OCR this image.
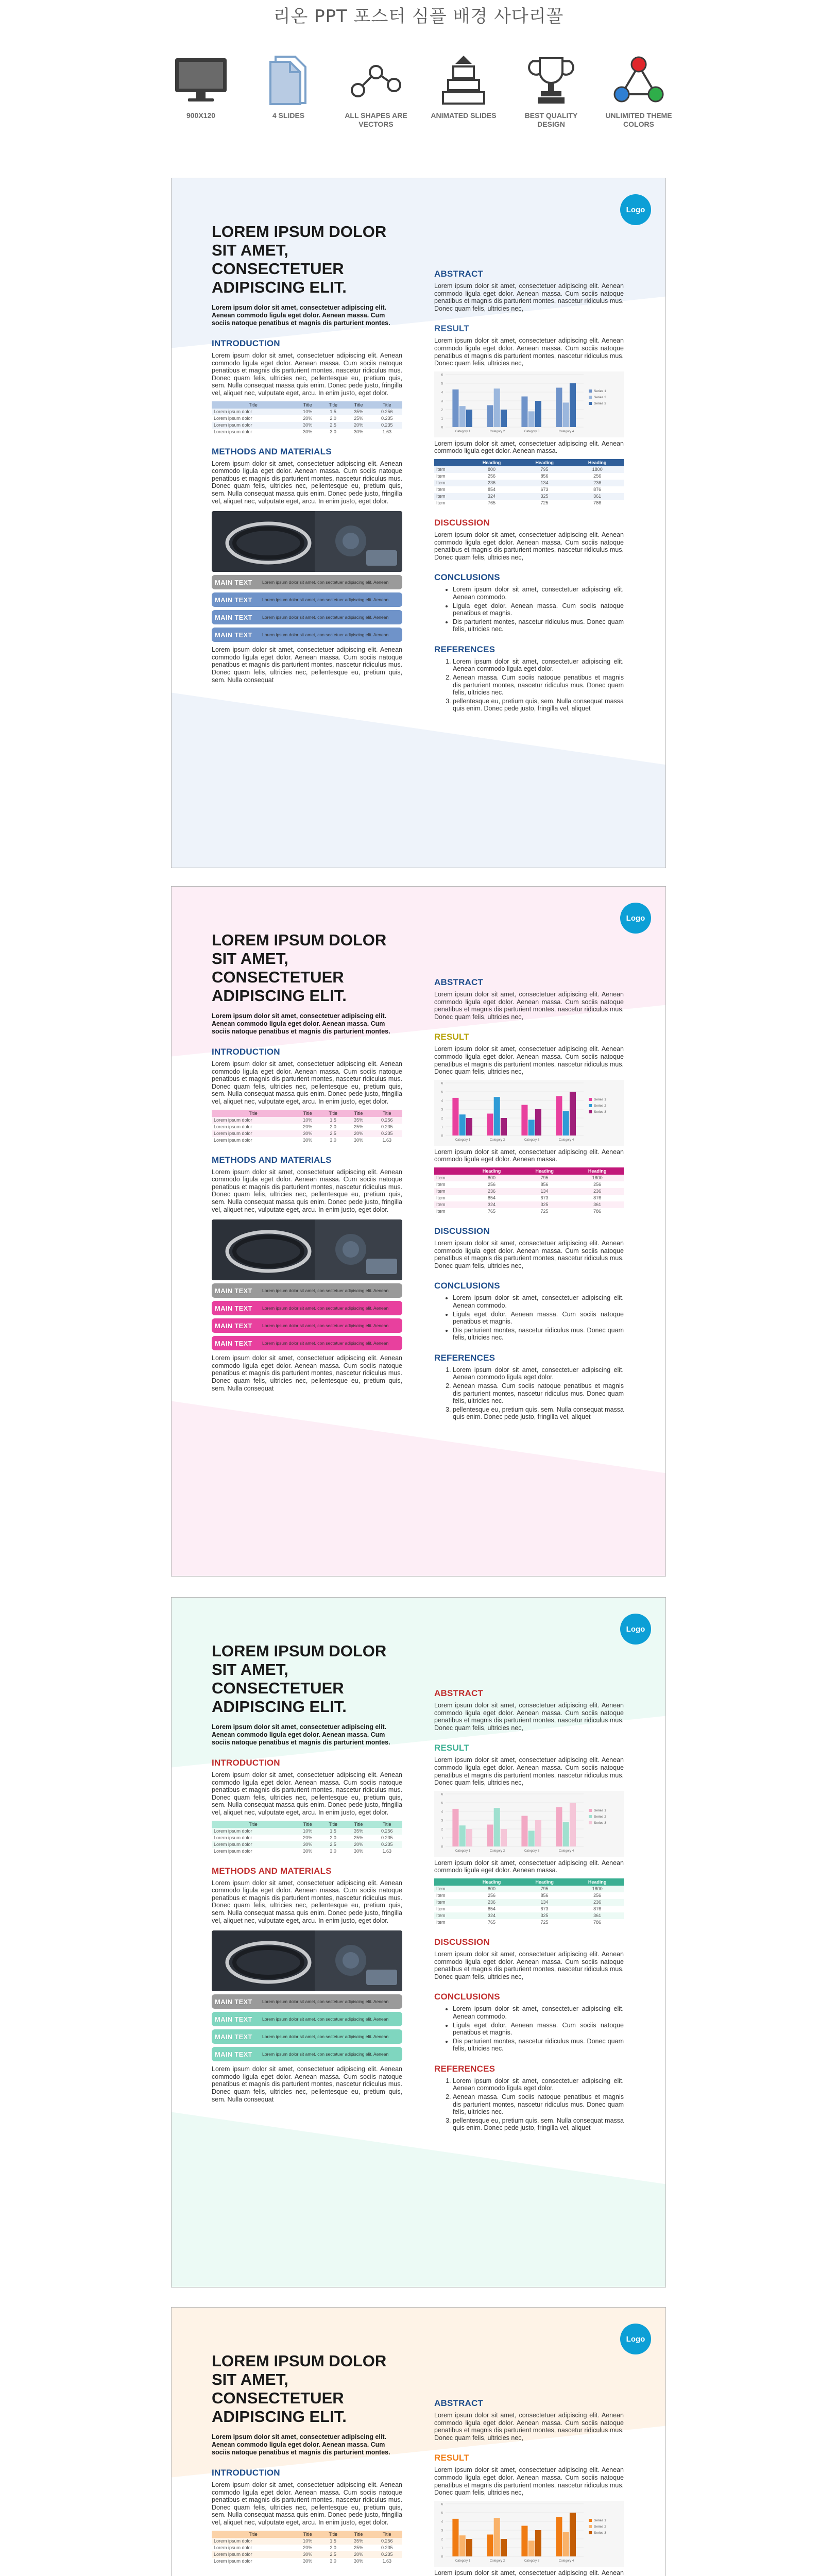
리온 PPT 포스터 심플 배경 사다리꼴
900X120	4 SLIDES	ALL SHAPES ARE VECTORS
ANIMATED SLIDES	BEST QUALITY DESIGN
UNLIMITED THEME COLORS
Logo
LOREM IPSUM DOLOR SIT AMET, CONSECTETUER ADIPISCING ELIT.
Lorem ipsum dolor sit amet, consectetuer adipiscing elit. Aenean commodo ligula eget dolor. Aenean massa. Cum sociis natoque penatibus et magnis dis parturient montes.
INTRODUCTION
Lorem ipsum dolor sit amet, consectetuer adipiscing elit. Aenean commodo ligula eget dolor. Aenean massa. Cum sociis natoque penatibus et magnis dis parturient montes, nascetur ridiculus mus. Donec quam felis, ultricies nec, pellentesque eu, pretium quis, sem. Nulla consequat massa quis enim. Donec pede justo, fringilla vel, aliquet nec, vulputate eget, arcu. In enim justo, eget dolor.
Title	Title	Title	Title	Title
Lorem ipsum dolor	10%	1.5	35%	0.256
Lorem ipsum dolor	20%	2.0	25%	0.235
Lorem ipsum dolor	30%	2.5	20%	0.235
Lorem ipsum dolor	30%	3.0	30%	1.63
METHODS AND MATERIALS
Lorem ipsum dolor sit amet, consectetuer adipiscing elit. Aenean commodo ligula eget dolor. Aenean massa. Cum sociis natoque penatibus et magnis dis parturient montes, nascetur ridiculus mus. Donec quam felis, ultricies nec, pellentesque eu, pretium quis, sem. Nulla consequat massa quis enim. Donec pede justo, fringilla vel, aliquet nec, vulputate eget, arcu. In enim justo, eget dolor.
MAIN TEXT	Lorem ipsum dolor sit amet, con sectetuer adipiscing elit. Aenean
MAIN TEXT	Lorem ipsum dolor sit amet, con sectetuer adipiscing elit. Aenean
MAIN TEXT	Lorem ipsum dolor sit amet, con sectetuer adipiscing elit. Aenean
MAIN TEXT	Lorem ipsum dolor sit amet, con sectetuer adipiscing elit. Aenean
Lorem ipsum dolor sit amet, consectetuer adipiscing elit. Aenean commodo ligula eget dolor. Aenean massa. Cum sociis natoque penatibus et magnis dis parturient montes, nascetur ridiculus mus. Donec quam felis, ultricies nec, pellentesque eu, pretium quis, sem. Nulla consequat
ABSTRACT
Lorem ipsum dolor sit amet, consectetuer adipiscing elit. Aenean commodo ligula eget dolor. Aenean massa. Cum sociis natoque penatibus et magnis dis parturient montes, nascetur ridiculus mus. Donec quam felis, ultricies nec,
RESULT
Lorem ipsum dolor sit amet, consectetuer adipiscing elit. Aenean commodo ligula eget dolor. Aenean massa. Cum sociis natoque penatibus et magnis dis parturient montes, nascetur ridiculus mus. Donec quam felis, ultricies nec,
0
1
2
3
4
5
6
Category 1	Category 2	Category 3	Category 4
Series 1
Series 2
Series 3
Lorem ipsum dolor sit amet, consectetuer adipiscing elit. Aenean commodo ligula eget dolor. Aenean massa.
	Heading	Heading	Heading
Item	800	795	1800
Item	256	856	256
Item	236	134	236
Item	854	673	876
Item	324	325	361
Item	765	725	786
DISCUSSION
Lorem ipsum dolor sit amet, consectetuer adipiscing elit. Aenean commodo ligula eget dolor. Aenean massa. Cum sociis natoque penatibus et magnis dis parturient montes, nascetur ridiculus mus. Donec quam felis, ultricies nec,
CONCLUSIONS
• Lorem ipsum dolor sit amet, consectetuer adipiscing elit. Aenean commodo.
• Ligula eget dolor. Aenean massa. Cum sociis natoque penatibus et magnis.
• Dis parturient montes, nascetur ridiculus mus. Donec quam felis, ultricies nec.
REFERENCES
1. Lorem ipsum dolor sit amet, consectetuer adipiscing elit. Aenean commodo ligula eget dolor.
2. Aenean massa. Cum sociis natoque penatibus et magnis dis parturient montes, nascetur ridiculus mus. Donec quam felis, ultricies nec.
3. pellentesque eu, pretium quis, sem. Nulla consequat massa quis enim. Donec pede justo, fringilla vel, aliquet
Logo
LOREM IPSUM DOLOR SIT AMET, CONSECTETUER ADIPISCING ELIT.
Lorem ipsum dolor sit amet, consectetuer adipiscing elit. Aenean commodo ligula eget dolor. Aenean massa. Cum sociis natoque penatibus et magnis dis parturient montes.
INTRODUCTION
Lorem ipsum dolor sit amet, consectetuer adipiscing elit. Aenean commodo ligula eget dolor. Aenean massa. Cum sociis natoque penatibus et magnis dis parturient montes, nascetur ridiculus mus. Donec quam felis, ultricies nec, pellentesque eu, pretium quis, sem. Nulla consequat massa quis enim. Donec pede justo, fringilla vel, aliquet nec, vulputate eget, arcu. In enim justo, eget dolor.
Title	Title	Title	Title	Title
Lorem ipsum dolor	10%	1.5	35%	0.256
Lorem ipsum dolor	20%	2.0	25%	0.235
Lorem ipsum dolor	30%	2.5	20%	0.235
Lorem ipsum dolor	30%	3.0	30%	1.63
METHODS AND MATERIALS
Lorem ipsum dolor sit amet, consectetuer adipiscing elit. Aenean commodo ligula eget dolor. Aenean massa. Cum sociis natoque penatibus et magnis dis parturient montes, nascetur ridiculus mus. Donec quam felis, ultricies nec, pellentesque eu, pretium quis, sem. Nulla consequat massa quis enim. Donec pede justo, fringilla vel, aliquet nec, vulputate eget, arcu. In enim justo, eget dolor.
MAIN TEXT	Lorem ipsum dolor sit amet, con sectetuer adipiscing elit. Aenean
MAIN TEXT	Lorem ipsum dolor sit amet, con sectetuer adipiscing elit. Aenean
MAIN TEXT	Lorem ipsum dolor sit amet, con sectetuer adipiscing elit. Aenean
MAIN TEXT	Lorem ipsum dolor sit amet, con sectetuer adipiscing elit. Aenean
Lorem ipsum dolor sit amet, consectetuer adipiscing elit. Aenean commodo ligula eget dolor. Aenean massa. Cum sociis natoque penatibus et magnis dis parturient montes, nascetur ridiculus mus. Donec quam felis, ultricies nec, pellentesque eu, pretium quis, sem. Nulla consequat
ABSTRACT
Lorem ipsum dolor sit amet, consectetuer adipiscing elit. Aenean commodo ligula eget dolor. Aenean massa. Cum sociis natoque penatibus et magnis dis parturient montes, nascetur ridiculus mus. Donec quam felis, ultricies nec,
RESULT
Lorem ipsum dolor sit amet, consectetuer adipiscing elit. Aenean commodo ligula eget dolor. Aenean massa. Cum sociis natoque penatibus et magnis dis parturient montes, nascetur ridiculus mus. Donec quam felis, ultricies nec,
0
1
2
3
4
5
6
Category 1	Category 2	Category 3	Category 4
Series 1
Series 2
Series 3
Lorem ipsum dolor sit amet, consectetuer adipiscing elit. Aenean commodo ligula eget dolor. Aenean massa.
	Heading	Heading	Heading
Item	800	795	1800
Item	256	856	256
Item	236	134	236
Item	854	673	876
Item	324	325	361
Item	765	725	786
DISCUSSION
Lorem ipsum dolor sit amet, consectetuer adipiscing elit. Aenean commodo ligula eget dolor. Aenean massa. Cum sociis natoque penatibus et magnis dis parturient montes, nascetur ridiculus mus. Donec quam felis, ultricies nec,
CONCLUSIONS
• Lorem ipsum dolor sit amet, consectetuer adipiscing elit. Aenean commodo.
• Ligula eget dolor. Aenean massa. Cum sociis natoque penatibus et magnis.
• Dis parturient montes, nascetur ridiculus mus. Donec quam felis, ultricies nec.
REFERENCES
1. Lorem ipsum dolor sit amet, consectetuer adipiscing elit. Aenean commodo ligula eget dolor.
2. Aenean massa. Cum sociis natoque penatibus et magnis dis parturient montes, nascetur ridiculus mus. Donec quam felis, ultricies nec.
3. pellentesque eu, pretium quis, sem. Nulla consequat massa quis enim. Donec pede justo, fringilla vel, aliquet
Logo
LOREM IPSUM DOLOR SIT AMET, CONSECTETUER ADIPISCING ELIT.
Lorem ipsum dolor sit amet, consectetuer adipiscing elit. Aenean commodo ligula eget dolor. Aenean massa. Cum sociis natoque penatibus et magnis dis parturient montes.
INTRODUCTION
Lorem ipsum dolor sit amet, consectetuer adipiscing elit. Aenean commodo ligula eget dolor. Aenean massa. Cum sociis natoque penatibus et magnis dis parturient montes, nascetur ridiculus mus. Donec quam felis, ultricies nec, pellentesque eu, pretium quis, sem. Nulla consequat massa quis enim. Donec pede justo, fringilla vel, aliquet nec, vulputate eget, arcu. In enim justo, eget dolor.
Title	Title	Title	Title	Title
Lorem ipsum dolor	10%	1.5	35%	0.256
Lorem ipsum dolor	20%	2.0	25%	0.235
Lorem ipsum dolor	30%	2.5	20%	0.235
Lorem ipsum dolor	30%	3.0	30%	1.63
METHODS AND MATERIALS
Lorem ipsum dolor sit amet, consectetuer adipiscing elit. Aenean commodo ligula eget dolor. Aenean massa. Cum sociis natoque penatibus et magnis dis parturient montes, nascetur ridiculus mus. Donec quam felis, ultricies nec, pellentesque eu, pretium quis, sem. Nulla consequat massa quis enim. Donec pede justo, fringilla vel, aliquet nec, vulputate eget, arcu. In enim justo, eget dolor.
MAIN TEXT	Lorem ipsum dolor sit amet, con sectetuer adipiscing elit. Aenean
MAIN TEXT	Lorem ipsum dolor sit amet, con sectetuer adipiscing elit. Aenean
MAIN TEXT	Lorem ipsum dolor sit amet, con sectetuer adipiscing elit. Aenean
MAIN TEXT	Lorem ipsum dolor sit amet, con sectetuer adipiscing elit. Aenean
Lorem ipsum dolor sit amet, consectetuer adipiscing elit. Aenean commodo ligula eget dolor. Aenean massa. Cum sociis natoque penatibus et magnis dis parturient montes, nascetur ridiculus mus. Donec quam felis, ultricies nec, pellentesque eu, pretium quis, sem. Nulla consequat
ABSTRACT
Lorem ipsum dolor sit amet, consectetuer adipiscing elit. Aenean commodo ligula eget dolor. Aenean massa. Cum sociis natoque penatibus et magnis dis parturient montes, nascetur ridiculus mus. Donec quam felis, ultricies nec,
RESULT
Lorem ipsum dolor sit amet, consectetuer adipiscing elit. Aenean commodo ligula eget dolor. Aenean massa. Cum sociis natoque penatibus et magnis dis parturient montes, nascetur ridiculus mus. Donec quam felis, ultricies nec,
0
1
2
3
4
5
6
Category 1	Category 2	Category 3	Category 4
Series 1
Series 2
Series 3
Lorem ipsum dolor sit amet, consectetuer adipiscing elit. Aenean commodo ligula eget dolor. Aenean massa.
	Heading	Heading	Heading
Item	800	795	1800
Item	256	856	256
Item	236	134	236
Item	854	673	876
Item	324	325	361
Item	765	725	786
DISCUSSION
Lorem ipsum dolor sit amet, consectetuer adipiscing elit. Aenean commodo ligula eget dolor. Aenean massa. Cum sociis natoque penatibus et magnis dis parturient montes, nascetur ridiculus mus. Donec quam felis, ultricies nec,
CONCLUSIONS
• Lorem ipsum dolor sit amet, consectetuer adipiscing elit. Aenean commodo.
• Ligula eget dolor. Aenean massa. Cum sociis natoque penatibus et magnis.
• Dis parturient montes, nascetur ridiculus mus. Donec quam felis, ultricies nec.
REFERENCES
1. Lorem ipsum dolor sit amet, consectetuer adipiscing elit. Aenean commodo ligula eget dolor.
2. Aenean massa. Cum sociis natoque penatibus et magnis dis parturient montes, nascetur ridiculus mus. Donec quam felis, ultricies nec.
3. pellentesque eu, pretium quis, sem. Nulla consequat massa quis enim. Donec pede justo, fringilla vel, aliquet
Logo
LOREM IPSUM DOLOR SIT AMET, CONSECTETUER ADIPISCING ELIT.
Lorem ipsum dolor sit amet, consectetuer adipiscing elit. Aenean commodo ligula eget dolor. Aenean massa. Cum sociis natoque penatibus et magnis dis parturient montes.
INTRODUCTION
Lorem ipsum dolor sit amet, consectetuer adipiscing elit. Aenean commodo ligula eget dolor. Aenean massa. Cum sociis natoque penatibus et magnis dis parturient montes, nascetur ridiculus mus. Donec quam felis, ultricies nec, pellentesque eu, pretium quis, sem. Nulla consequat massa quis enim. Donec pede justo, fringilla vel, aliquet nec, vulputate eget, arcu. In enim justo, eget dolor.
Title	Title	Title	Title	Title
Lorem ipsum dolor	10%	1.5	35%	0.256
Lorem ipsum dolor	20%	2.0	25%	0.235
Lorem ipsum dolor	30%	2.5	20%	0.235
Lorem ipsum dolor	30%	3.0	30%	1.63
ABSTRACT
Lorem ipsum dolor sit amet, consectetuer adipiscing elit. Aenean commodo ligula eget dolor. Aenean massa. Cum sociis natoque penatibus et magnis dis parturient montes, nascetur ridiculus mus. Donec quam felis, ultricies nec,
RESULT
Lorem ipsum dolor sit amet, consectetuer adipiscing elit. Aenean commodo ligula eget dolor. Aenean massa. Cum sociis natoque penatibus et magnis dis parturient montes, nascetur ridiculus mus. Donec quam felis, ultricies nec,
0
1
2
3
4
5
6
Category 1	Category 2	Category 3	Category 4
Series 1
Series 2
Series 3
Lorem ipsum dolor sit amet, consectetuer adipiscing elit. Aenean
